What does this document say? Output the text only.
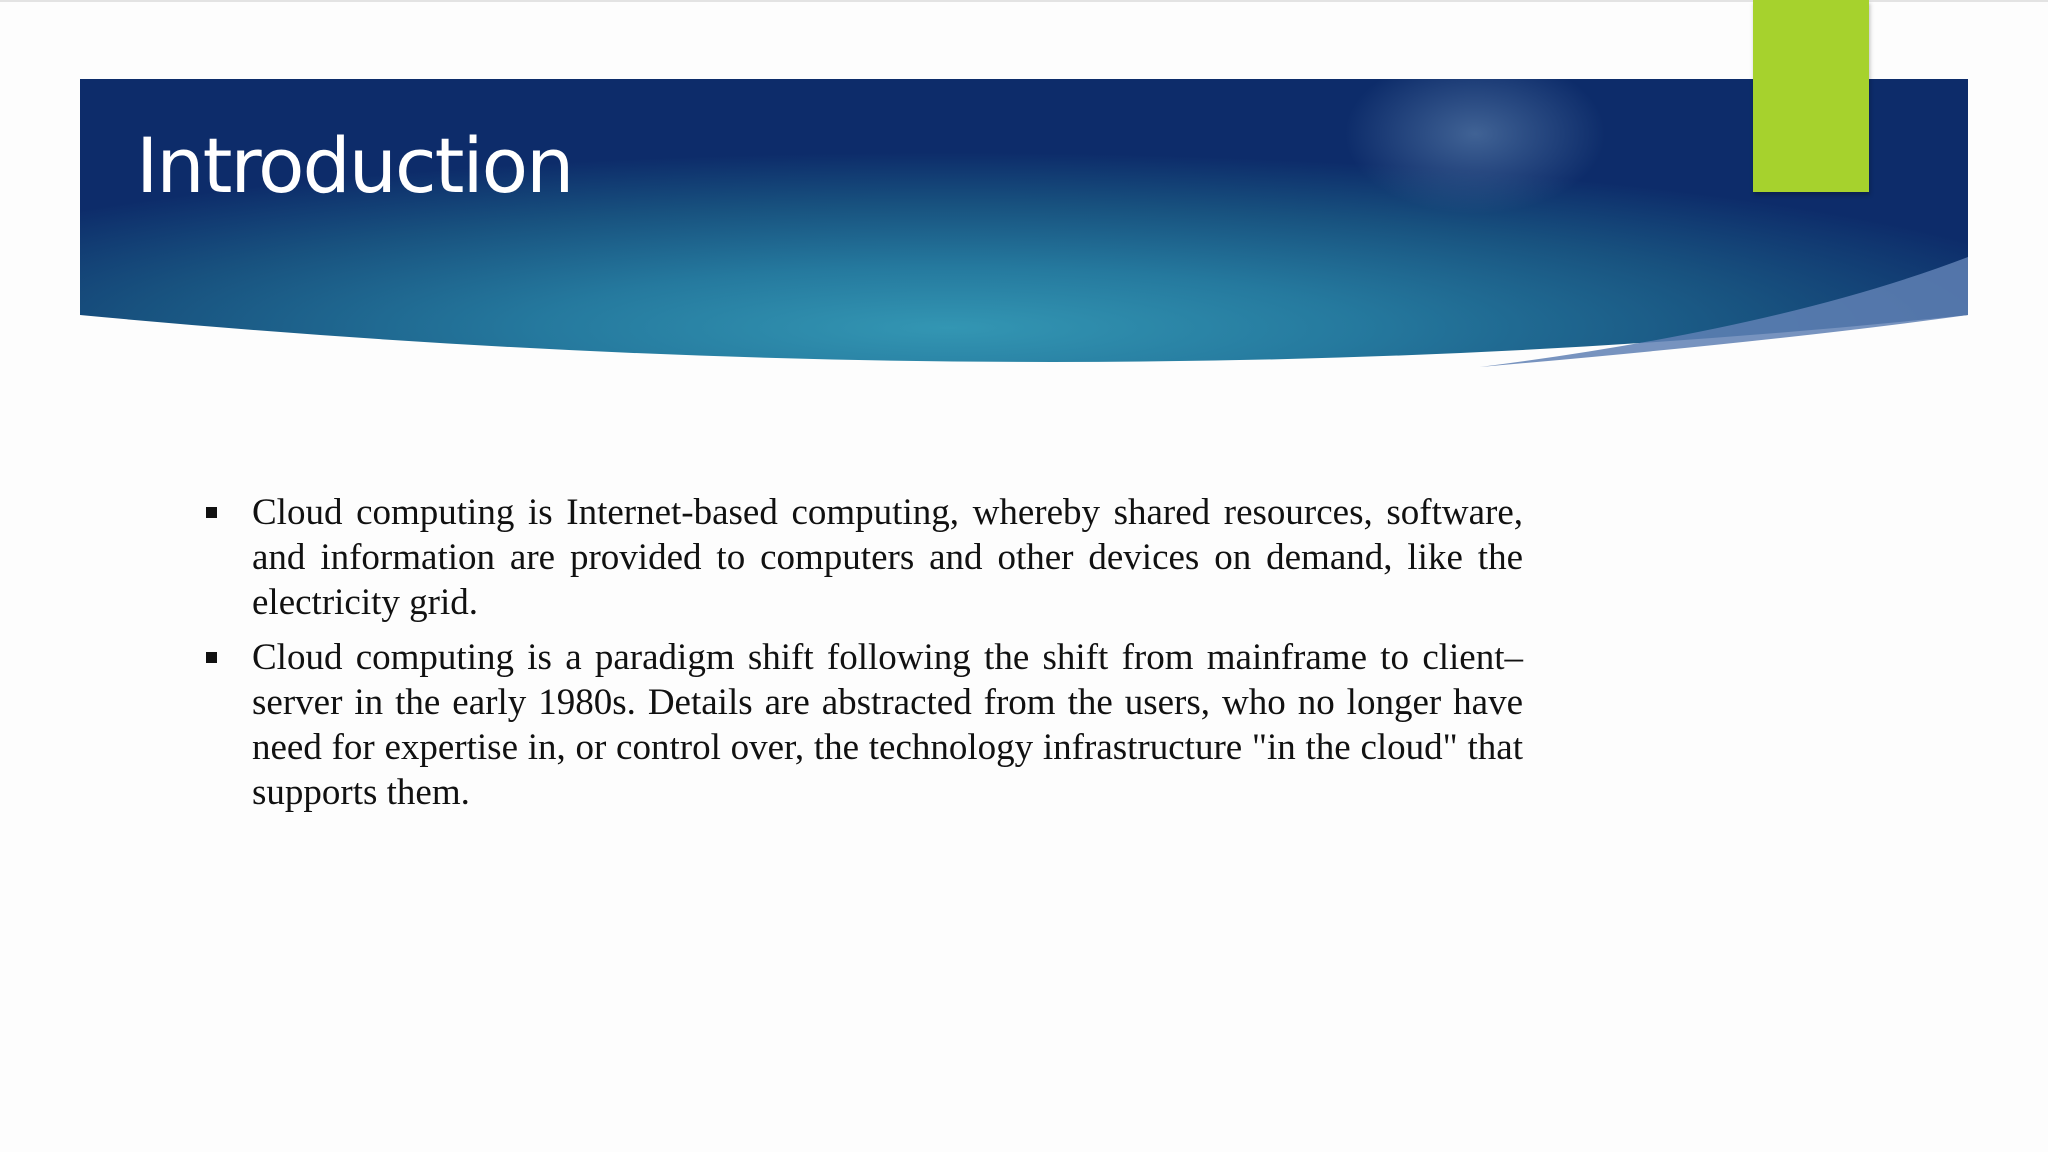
Introduction
Cloud computing is Internet-based computing, whereby shared resources, software, and information are provided to computers and other devices on demand, like the electricity grid.
Cloud computing is a paradigm shift following the shift from mainframe to client–server in the early 1980s. Details are abstracted from the users, who no longer have need for expertise in, or control over, the technology infrastructure "in the cloud" that supports them.
